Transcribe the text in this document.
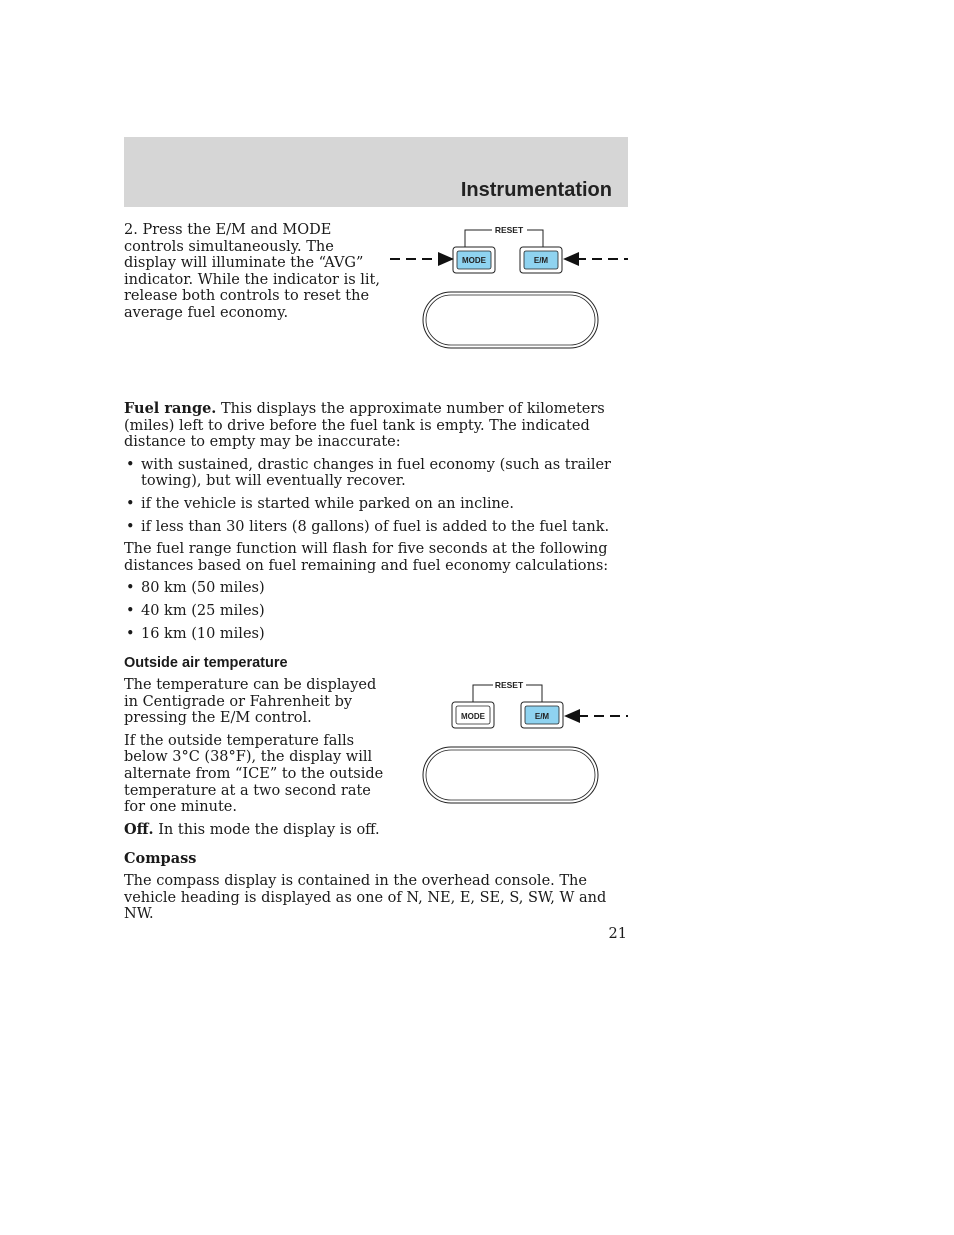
Instrumentation

2. Press the E/M and MODE controls simultaneously. The display will illuminate the “AVG” indicator. While the indicator is lit, release both controls to reset the average fuel economy.

RESET
MODE	E/M

Fuel range. This displays the approximate number of kilometers (miles) left to drive before the fuel tank is empty. The indicated distance to empty may be inaccurate:

• with sustained, drastic changes in fuel economy (such as trailer towing), but will eventually recover.
• if the vehicle is started while parked on an incline.
• if less than 30 liters (8 gallons) of fuel is added to the fuel tank.

The fuel range function will flash for five seconds at the following distances based on fuel remaining and fuel economy calculations:

• 80 km (50 miles)
• 40 km (25 miles)
• 16 km (10 miles)
Outside air temperature

The temperature can be displayed in Centigrade or Fahrenheit by pressing the E/M control.

If the outside temperature falls below 3°C (38°F), the display will alternate from “ICE” to the outside temperature at a two second rate for one minute.

Off. In this mode the display is off.

RESET
MODE	E/M
Compass

The compass display is contained in the overhead console. The vehicle heading is displayed as one of N, NE, E, SE, S, SW, W and NW.

21
